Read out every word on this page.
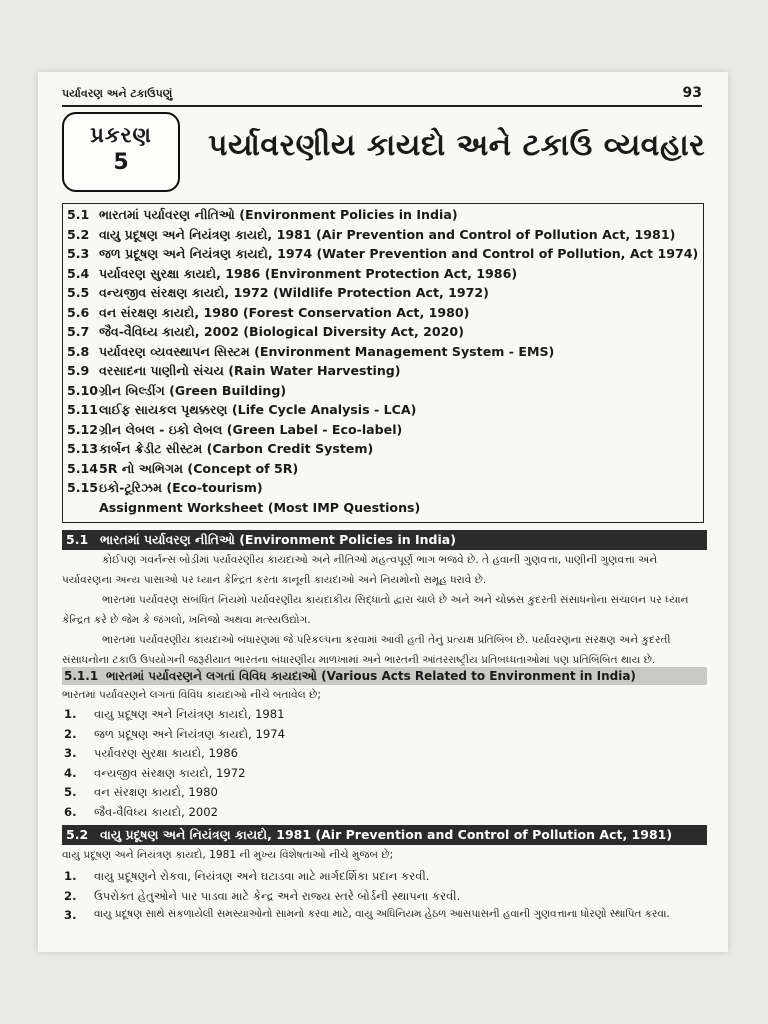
પર્યાવરણ અને ટકાઉપણું	93
પ્રકરણ
5	પર્યાવરણીય કાયદો અને ટકાઉ વ્યવહાર
5.1 ભારતમાં પર્યાવરણ નીતિઓ (Environment Policies in India)
5.2 વાયુ પ્રદૂષણ અને નિયંત્રણ કાયદો, 1981 (Air Prevention and Control of Pollution Act, 1981)
5.3 જળ પ્રદૂષણ અને નિયંત્રણ કાયદો, 1974 (Water Prevention and Control of Pollution, Act 1974)
5.4 પર્યાવરણ સુરક્ષા કાયદો, 1986 (Environment Protection Act, 1986)
5.5 વન્યજીવ સંરક્ષણ કાયદો, 1972 (Wildlife Protection Act, 1972)
5.6 વન સંરક્ષણ કાયદો, 1980 (Forest Conservation Act, 1980)
5.7 જૈવ-વૈવિધ્ય કાયદો, 2002 (Biological Diversity Act, 2020)
5.8 પર્યાવરણ વ્યવસ્થાપન સિસ્ટમ (Environment Management System - EMS)
5.9 વરસાદના પાણીનો સંચય (Rain Water Harvesting)
5.10 ગ્રીન બિલ્ડીંગ (Green Building)
5.11 લાઈફ સાયકલ પૃથક્કરણ (Life Cycle Analysis - LCA)
5.12 ગ્રીન લેબલ - ઇકો લેબલ (Green Label - Eco-label)
5.13 કાર્બન ક્રેડીટ સીસ્ટમ (Carbon Credit System)
5.14 5R નો અભિગમ (Concept of 5R)
5.15 ઇકો-ટૂરિઝમ (Eco-tourism)
Assignment Worksheet (Most IMP Questions)
5.1 ભારતમાં પર્યાવરણ નીતિઓ (Environment Policies in India)

કોઈપણ ગવર્નન્સ બોડીમાં પર્યાવરણીય કાયદાઓ અને નીતિઓ મહત્વપૂર્ણ ભાગ ભજવે છે. તે હવાની ગુણવત્તા, પાણીની ગુણવત્તા અને પર્યાવરણના અન્ય પાસાઓ પર ધ્યાન કેન્દ્રિત કરતા કાનૂની કાયદાઓ અને નિયમોનો સમૂહ ધરાવે છે.

ભારતમાં પર્યાવરણ સંબંધિત નિયમો પર્યાવરણીય કાયદાકીય સિદ્ધાંતો દ્વારા ચાલે છે અને અને ચોક્કસ કુદરતી સંસાધનોના સંચાલન પર ધ્યાન કેન્દ્રિત કરે છે જેમ કે જંગલો, ખનિજો અથવા મત્સ્યઉદ્યોગ.

ભારતમાં પર્યાવરણીય કાયદાઓ બંધારણમાં જે પરિકલ્પના કરવામાં આવી હતી તેનું પ્રત્યક્ષ પ્રતિબિંબ છે. પર્યાવરણના સંરક્ષણ અને કુદરતી સંસાધનોના ટકાઉ ઉપયોગની જરૂરીયાત ભારતના બંધારણીય માળખામાં અને ભારતની આંતરરાષ્ટ્રીય પ્રતિબધ્ધતાઓમાં પણ પ્રતિબિંબિત થાય છે.

5.1.1 ભારતમાં પર્યાવરણને લગતાં વિવિધ કાયદાઓ (Various Acts Related to Environment in India)
ભારતમાં પર્યાવરણને લગતાં વિવિધ કાયદાઓ નીચે બતાવેલ છે;
1. વાયુ પ્રદૂષણ અને નિયંત્રણ કાયદો, 1981
2. જળ પ્રદૂષણ અને નિયંત્રણ કાયદો, 1974
3. પર્યાવરણ સુરક્ષા કાયદો, 1986
4. વન્યજીવ સંરક્ષણ કાયદો, 1972
5. વન સંરક્ષણ કાયદો, 1980
6. જૈવ-વૈવિધ્ય કાયદો, 2002
5.2 વાયુ પ્રદૂષણ અને નિયંત્રણ કાયદો, 1981 (Air Prevention and Control of Pollution Act, 1981)
વાયુ પ્રદૂષણ અને નિયંત્રણ કાયદો, 1981 ની મુખ્ય વિશેષતાઓ નીચે મુજબ છે;
1. વાયુ પ્રદૂષણને રોકવા, નિયંત્રણ અને ઘટાડવા માટે માર્ગદર્શિકા પ્રદાન કરવી.
2. ઉપરોક્ત હેતુઓને પાર પાડવા માટે કેન્દ્ર અને રાજ્ય સ્તરે બોર્ડની સ્થાપના કરવી.
3. વાયુ પ્રદૂષણ સાથે સંકળાયેલી સમસ્યાઓનો સામનો કરવા માટે, વાયુ અધિનિયમ હેઠળ આસપાસની હવાની ગુણવત્તાના ધોરણો સ્થાપિત કરવા.
